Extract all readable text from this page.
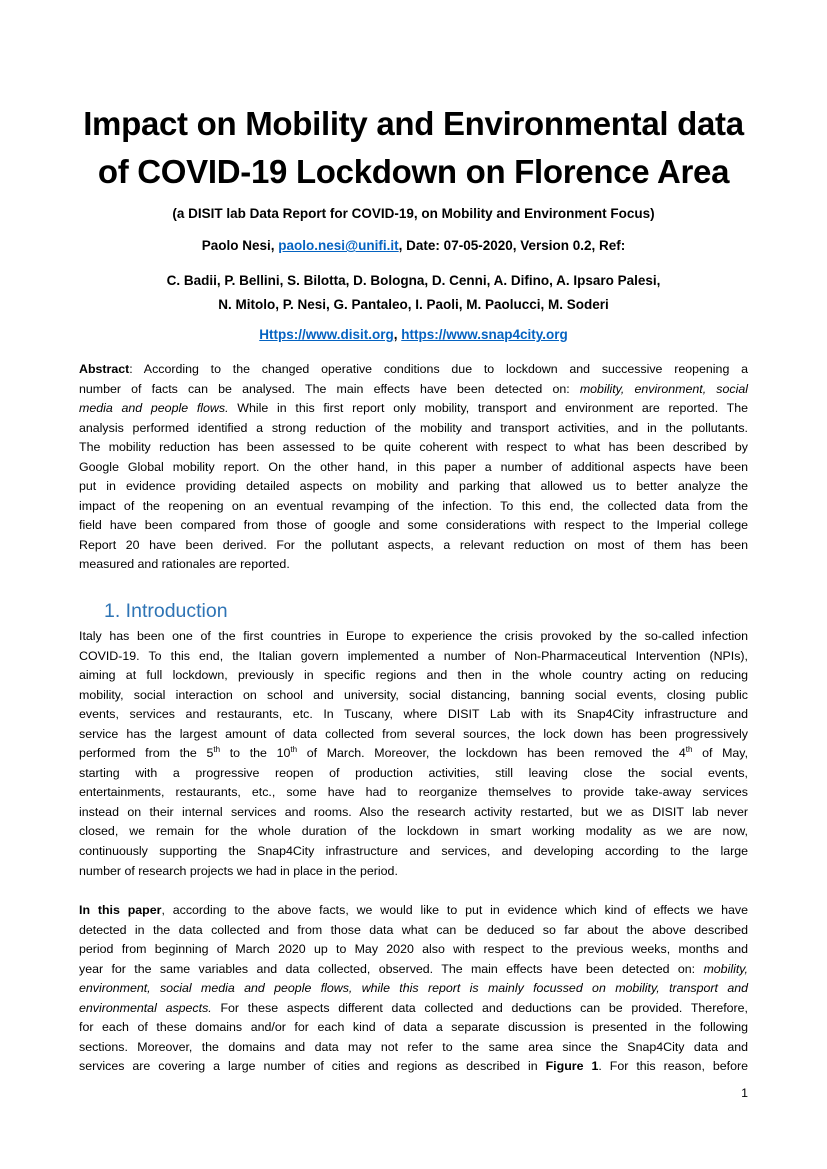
Impact on Mobility and Environmental data
of COVID-19 Lockdown on Florence Area
(a DISIT lab Data Report for COVID-19, on Mobility and Environment Focus)
Paolo Nesi, paolo.nesi@unifi.it, Date: 07-05-2020, Version 0.2, Ref:
C. Badii, P. Bellini, S. Bilotta, D. Bologna, D. Cenni, A. Difino, A. Ipsaro Palesi,
N. Mitolo, P. Nesi, G. Pantaleo, I. Paoli, M. Paolucci, M. Soderi
Https://www.disit.org, https://www.snap4city.org
Abstract: According to the changed operative conditions due to lockdown and successive reopening a
number of facts can be analysed. The main effects have been detected on: mobility, environment, social
media and people flows. While in this first report only mobility, transport and environment are reported. The
analysis performed identified a strong reduction of the mobility and transport activities, and in the pollutants.
The mobility reduction has been assessed to be quite coherent with respect to what has been described by
Google Global mobility report. On the other hand, in this paper a number of additional aspects have been
put in evidence providing detailed aspects on mobility and parking that allowed us to better analyze the
impact of the reopening on an eventual revamping of the infection. To this end, the collected data from the
field have been compared from those of google and some considerations with respect to the Imperial college
Report 20 have been derived. For the pollutant aspects, a relevant reduction on most of them has been
measured and rationales are reported.
1. Introduction
Italy has been one of the first countries in Europe to experience the crisis provoked by the so-called infection
COVID-19. To this end, the Italian govern implemented a number of Non-Pharmaceutical Intervention (NPIs),
aiming at full lockdown, previously in specific regions and then in the whole country acting on reducing
mobility, social interaction on school and university, social distancing, banning social events, closing public
events, services and restaurants, etc. In Tuscany, where DISIT Lab with its Snap4City infrastructure and
service has the largest amount of data collected from several sources, the lock down has been progressively
performed from the 5th to the 10th of March. Moreover, the lockdown has been removed the 4th of May,
starting with a progressive reopen of production activities, still leaving close the social events,
entertainments, restaurants, etc., some have had to reorganize themselves to provide take-away services
instead on their internal services and rooms. Also the research activity restarted, but we as DISIT lab never
closed, we remain for the whole duration of the lockdown in smart working modality as we are now,
continuously supporting the Snap4City infrastructure and services, and developing according to the large
number of research projects we had in place in the period.
In this paper, according to the above facts, we would like to put in evidence which kind of effects we have
detected in the data collected and from those data what can be deduced so far about the above described
period from beginning of March 2020 up to May 2020 also with respect to the previous weeks, months and
year for the same variables and data collected, observed. The main effects have been detected on: mobility,
environment, social media and people flows, while this report is mainly focussed on mobility, transport and
environmental aspects. For these aspects different data collected and deductions can be provided. Therefore,
for each of these domains and/or for each kind of data a separate discussion is presented in the following
sections. Moreover, the domains and data may not refer to the same area since the Snap4City data and
services are covering a large number of cities and regions as described in Figure 1. For this reason, before
1
